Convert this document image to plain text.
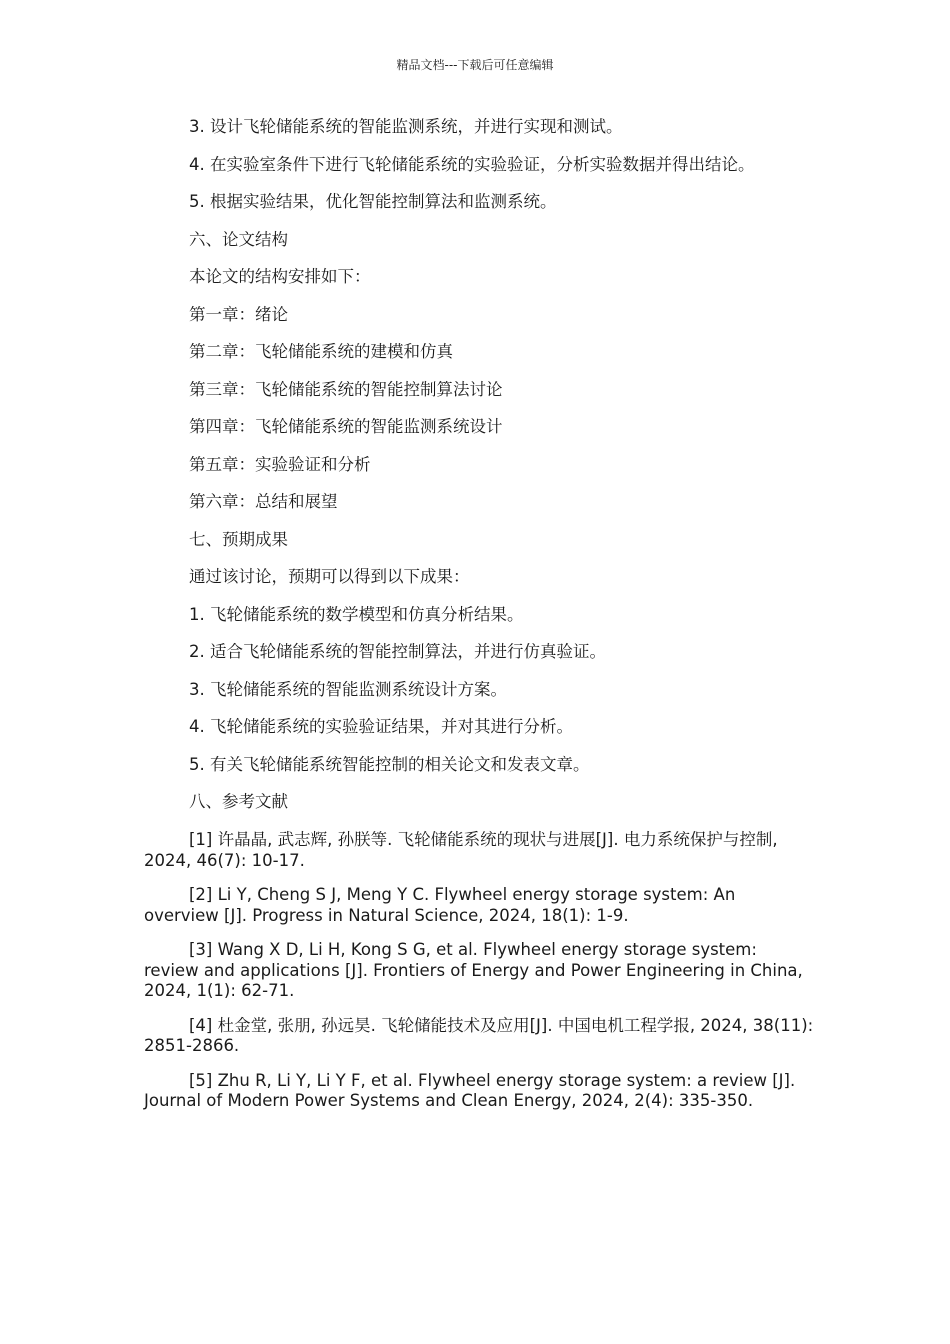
精品文档---下载后可任意编辑
3. 设计飞轮储能系统的智能监测系统，并进行实现和测试。
4. 在实验室条件下进行飞轮储能系统的实验验证，分析实验数据并得出结论。
5. 根据实验结果，优化智能控制算法和监测系统。
六、论文结构
本论文的结构安排如下：
第一章：绪论
第二章：飞轮储能系统的建模和仿真
第三章：飞轮储能系统的智能控制算法讨论
第四章：飞轮储能系统的智能监测系统设计
第五章：实验验证和分析
第六章：总结和展望
七、预期成果
通过该讨论，预期可以得到以下成果：
1. 飞轮储能系统的数学模型和仿真分析结果。
2. 适合飞轮储能系统的智能控制算法，并进行仿真验证。
3. 飞轮储能系统的智能监测系统设计方案。
4. 飞轮储能系统的实验验证结果，并对其进行分析。
5. 有关飞轮储能系统智能控制的相关论文和发表文章。
八、参考文献
[1] 许晶晶, 武志辉, 孙朕等. 飞轮储能系统的现状与进展[J]. 电力系统保护与控制, 2024, 46(7): 10-17.
[2] Li Y, Cheng S J, Meng Y C. Flywheel energy storage system: An overview [J]. Progress in Natural Science, 2024, 18(1): 1-9.
[3] Wang X D, Li H, Kong S G, et al. Flywheel energy storage system: review and applications [J]. Frontiers of Energy and Power Engineering in China, 2024, 1(1): 62-71.
[4] 杜金堂, 张朋, 孙远昊. 飞轮储能技术及应用[J]. 中国电机工程学报, 2024, 38(11): 2851-2866.
[5] Zhu R, Li Y, Li Y F, et al. Flywheel energy storage system: a review [J]. Journal of Modern Power Systems and Clean Energy, 2024, 2(4): 335-350.
